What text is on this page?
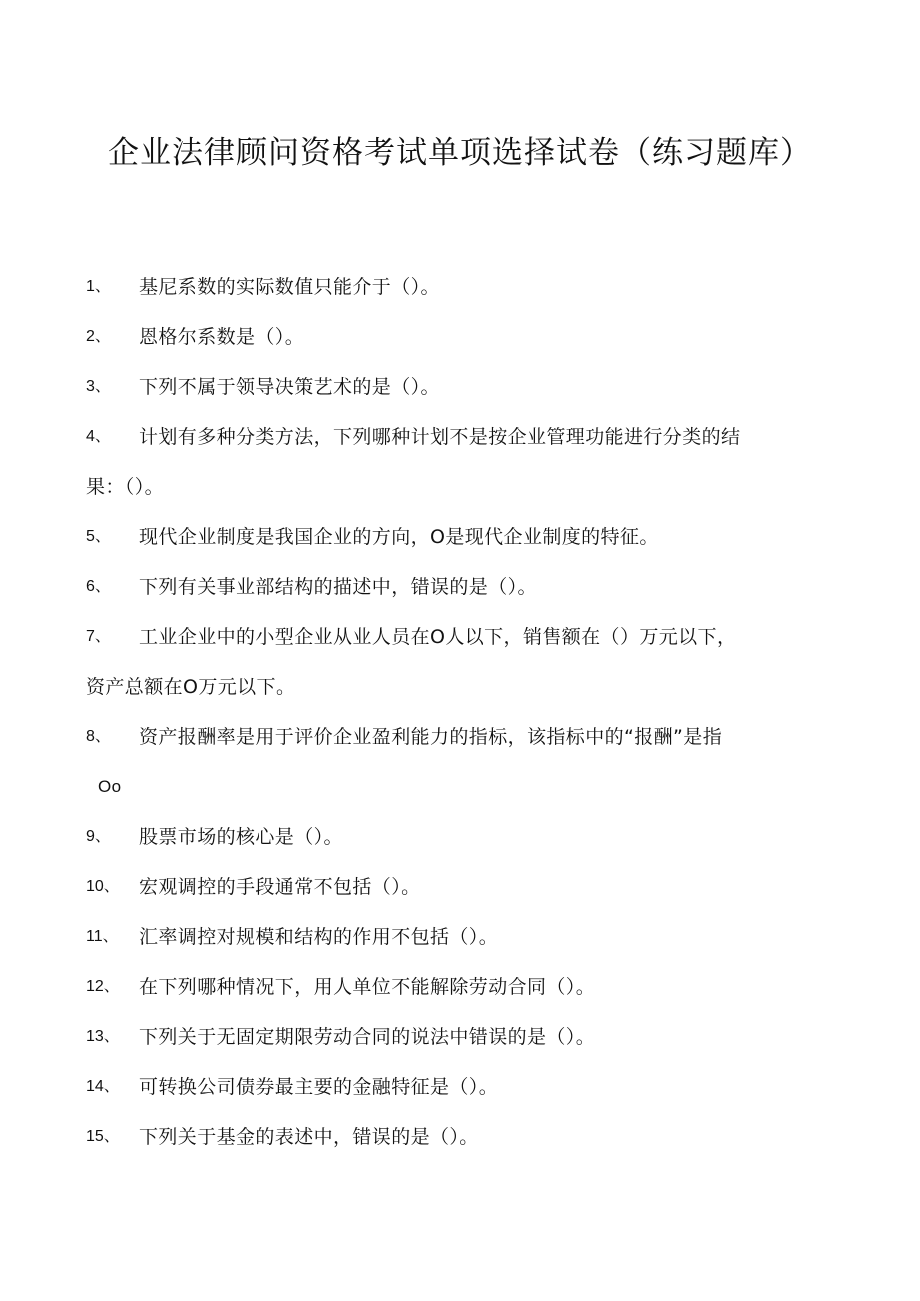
企业法律顾问资格考试单项选择试卷（练习题库）
1、 基尼系数的实际数值只能介于（）。
2、 恩格尔系数是（）。
3、 下列不属于领导决策艺术的是（）。
4、 计划有多种分类方法，下列哪种计划不是按企业管理功能进行分类的结
果：（）。
5、 现代企业制度是我国企业的方向，O是现代企业制度的特征。
6、 下列有关事业部结构的描述中，错误的是（）。
7、 工业企业中的小型企业从业人员在O人以下，销售额在（）万元以下，
资产总额在O万元以下。
8、 资产报酬率是用于评价企业盈利能力的指标，该指标中的“报酬”是指
Oo
9、 股票市场的核心是（）。
10、 宏观调控的手段通常不包括（）。
11、 汇率调控对规模和结构的作用不包括（）。
12、 在下列哪种情况下，用人单位不能解除劳动合同（）。
13、 下列关于无固定期限劳动合同的说法中错误的是（）。
14、 可转换公司债券最主要的金融特征是（）。
15、 下列关于基金的表述中，错误的是（）。
